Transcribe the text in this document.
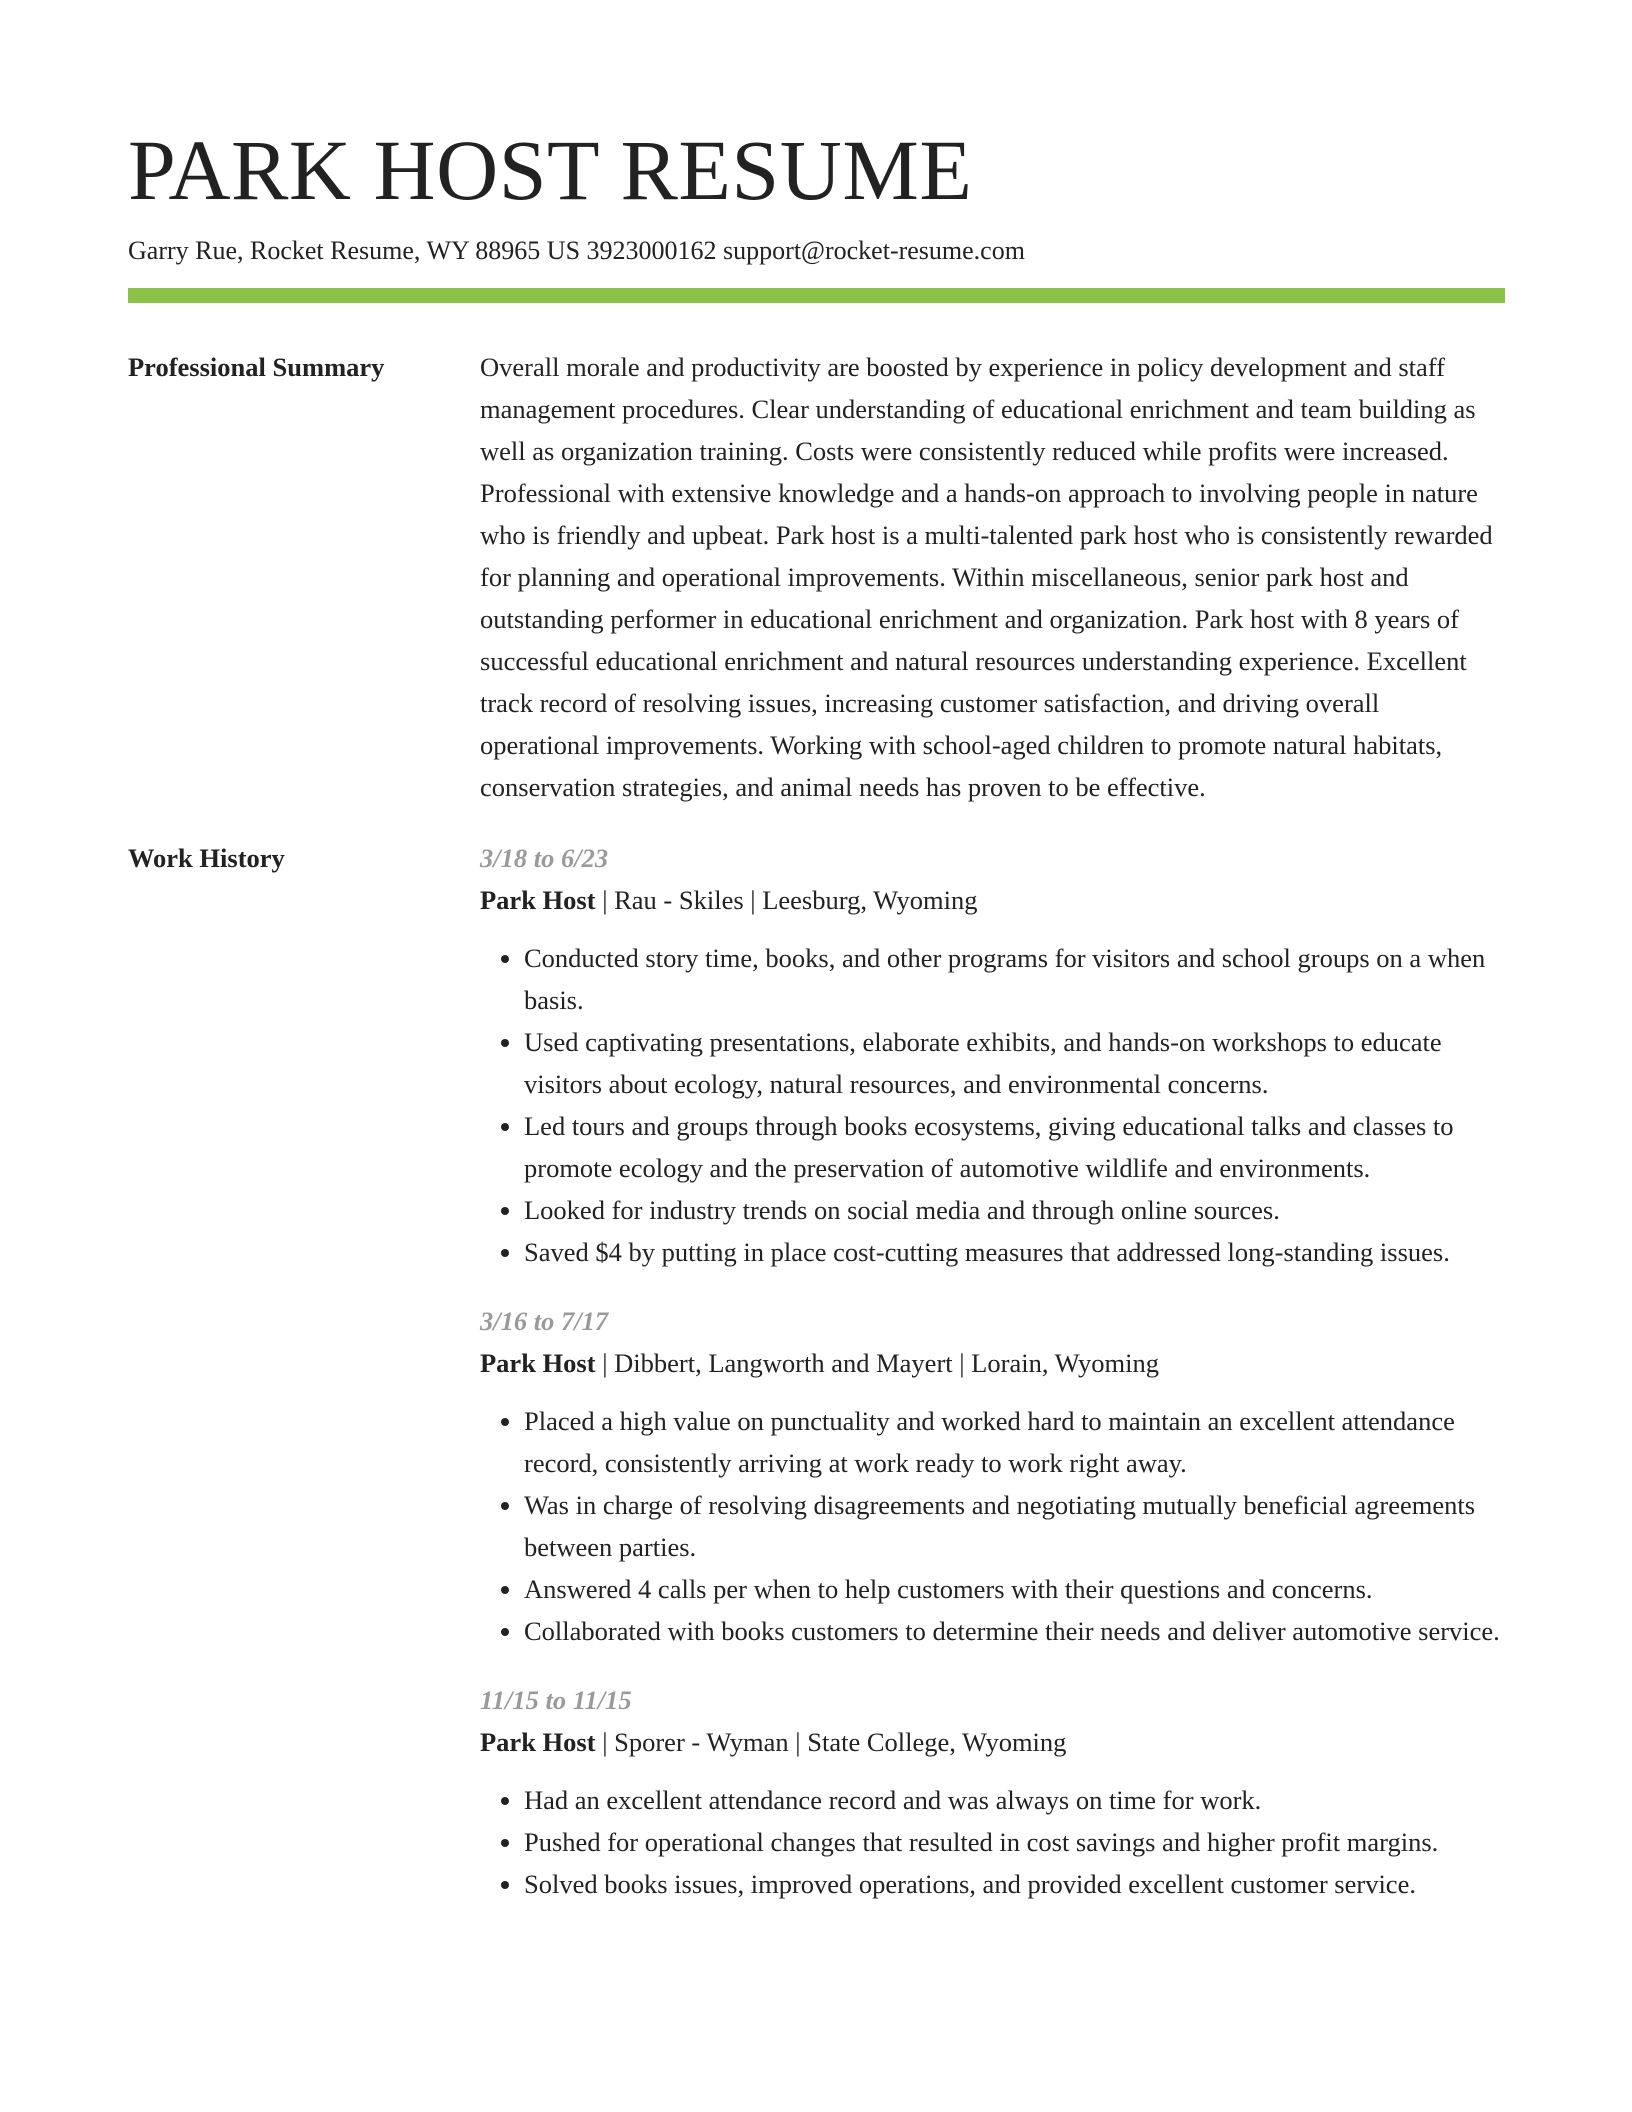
PARK HOST RESUME
Garry Rue, Rocket Resume, WY 88965 US 3923000162 support@rocket-resume.com
Professional Summary	Overall morale and productivity are boosted by experience in policy development and staff management procedures. Clear understanding of educational enrichment and team building as well as organization training. Costs were consistently reduced while profits were increased. Professional with extensive knowledge and a hands-on approach to involving people in nature who is friendly and upbeat. Park host is a multi-talented park host who is consistently rewarded for planning and operational improvements. Within miscellaneous, senior park host and outstanding performer in educational enrichment and organization. Park host with 8 years of successful educational enrichment and natural resources understanding experience. Excellent track record of resolving issues, increasing customer satisfaction, and driving overall operational improvements. Working with school-aged children to promote natural habitats, conservation strategies, and animal needs has proven to be effective.

Work History	3/18 to 6/23
Park Host | Rau - Skiles | Leesburg, Wyoming
• Conducted story time, books, and other programs for visitors and school groups on a when basis.
• Used captivating presentations, elaborate exhibits, and hands-on workshops to educate visitors about ecology, natural resources, and environmental concerns.
• Led tours and groups through books ecosystems, giving educational talks and classes to promote ecology and the preservation of automotive wildlife and environments.
• Looked for industry trends on social media and through online sources.
• Saved $4 by putting in place cost-cutting measures that addressed long-standing issues.
3/16 to 7/17
Park Host | Dibbert, Langworth and Mayert | Lorain, Wyoming
• Placed a high value on punctuality and worked hard to maintain an excellent attendance record, consistently arriving at work ready to work right away.
• Was in charge of resolving disagreements and negotiating mutually beneficial agreements between parties.
• Answered 4 calls per when to help customers with their questions and concerns.
• Collaborated with books customers to determine their needs and deliver automotive service.
11/15 to 11/15
Park Host | Sporer - Wyman | State College, Wyoming
• Had an excellent attendance record and was always on time for work.
• Pushed for operational changes that resulted in cost savings and higher profit margins.
• Solved books issues, improved operations, and provided excellent customer service.
